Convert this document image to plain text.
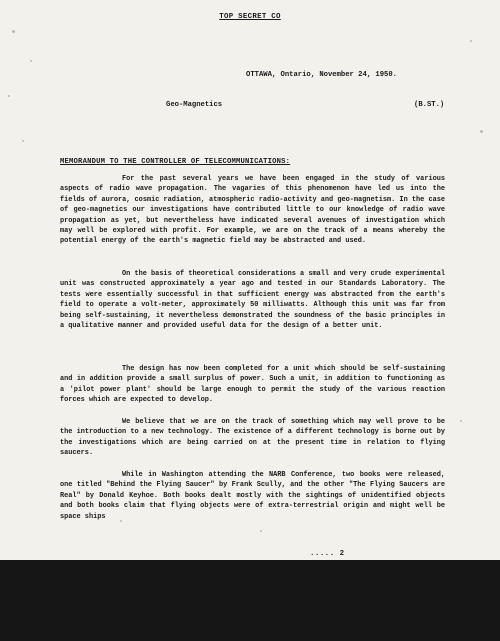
TOP SECRET CO
OTTAWA, Ontario, November 24, 1950.
Geo-Magnetics	(B.ST.)
MEMORANDUM TO THE CONTROLLER OF TELECOMMUNICATIONS:
For the past several years we have been engaged in the study of various aspects of radio wave propagation. The vagaries of this phenomenon have led us into the fields of aurora, cosmic radiation, atmospheric radio-activity and geo-magnetism. In the case of geo-magnetics our investigations have contributed little to our knowledge of radio wave propagation as yet, but nevertheless have indicated several avenues of investigation which may well be explored with profit. For example, we are on the track of a means whereby the potential energy of the earth's magnetic field may be abstracted and used.
On the basis of theoretical considerations a small and very crude experimental unit was constructed approximately a year ago and tested in our Standards Laboratory. The tests were essentially successful in that sufficient energy was abstracted from the earth's field to operate a volt-meter, approximately 50 milliwatts. Although this unit was far from being self-sustaining, it nevertheless demonstrated the soundness of the basic principles in a qualitative manner and provided useful data for the design of a better unit.
The design has now been completed for a unit which should be self-sustaining and in addition provide a small surplus of power. Such a unit, in addition to functioning as a 'pilot power plant' should be large enough to permit the study of the various reaction forces which are expected to develop.
We believe that we are on the track of something which may well prove to be the introduction to a new technology. The existence of a different technology is borne out by the investigations which are being carried on at the present time in relation to flying saucers.
While in Washington attending the NARB Conference, two books were released, one titled "Behind the Flying Saucer" by Frank Scully, and the other "The Flying Saucers are Real" by Donald Keyhoe. Both books dealt mostly with the sightings of unidentified objects and both books claim that flying objects were of extra-terrestrial origin and might well be space ships
..... 2
